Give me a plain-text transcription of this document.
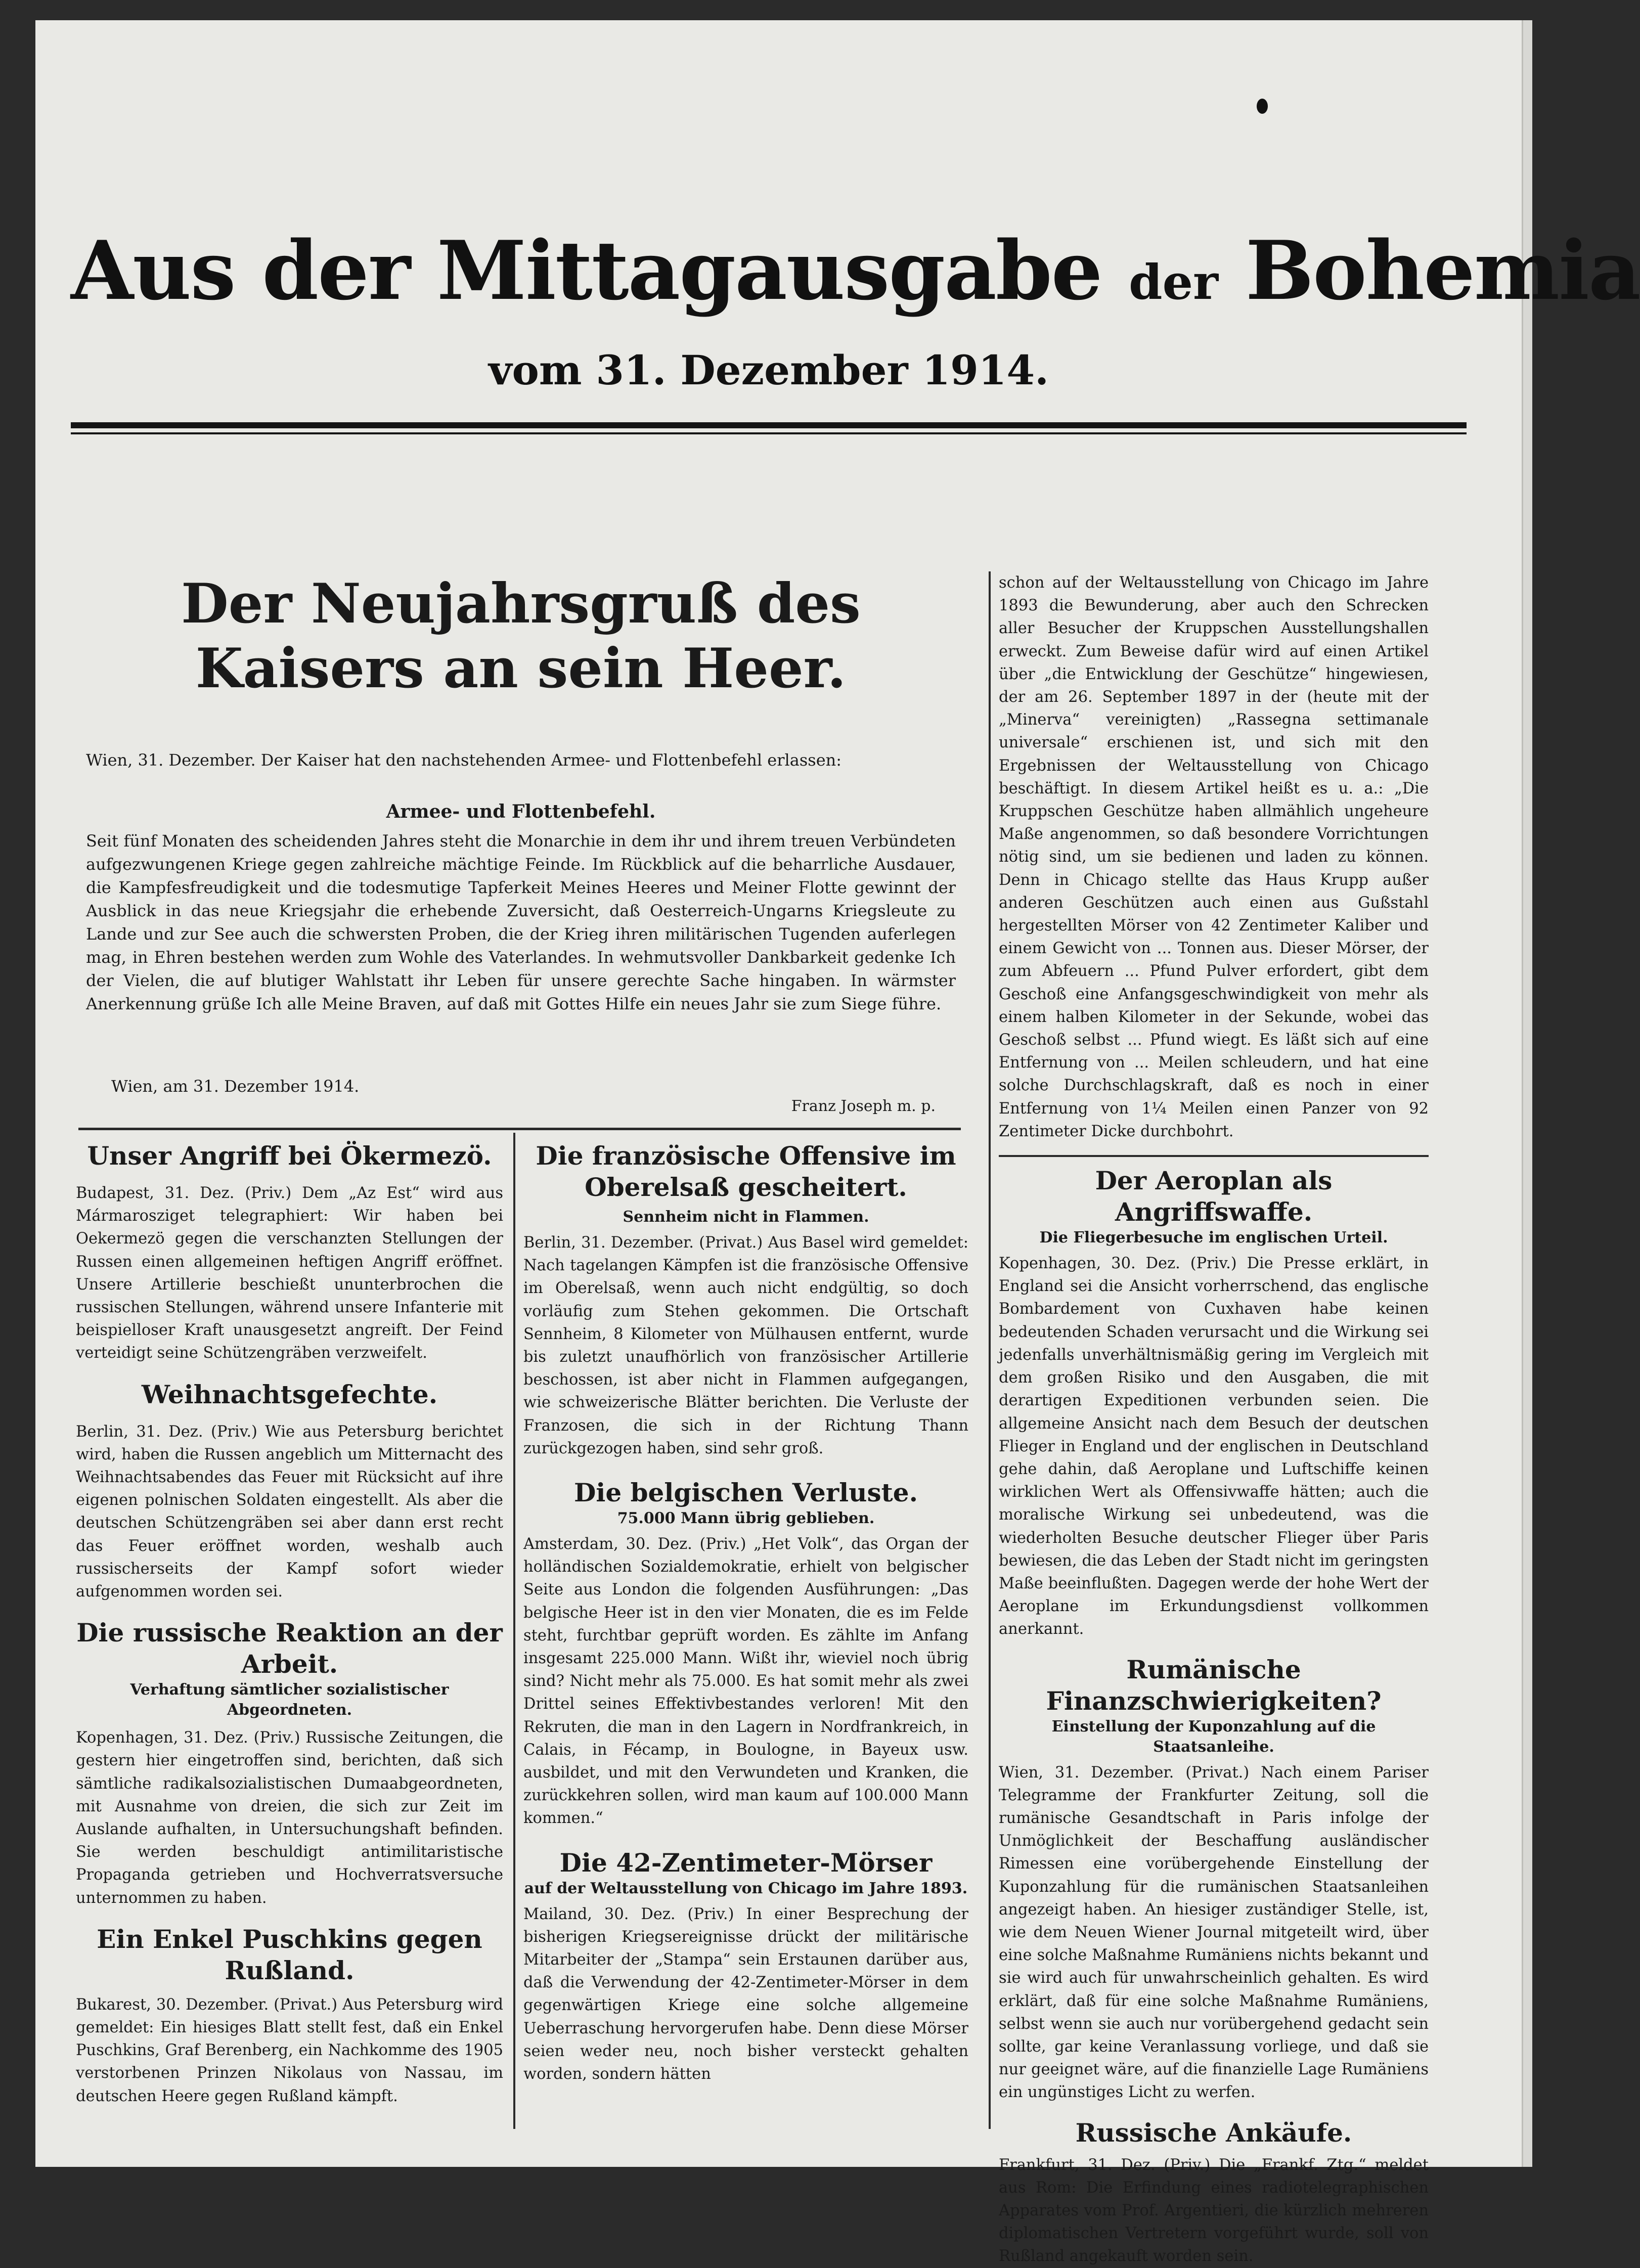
Aus der Mittagausgabe der Bohemia
vom 31. Dezember 1914.
Der Neujahrsgruß des Kaisers an sein Heer.
Wien, 31. Dezember. Der Kaiser hat den nachstehenden Armee- und Flottenbefehl erlassen:
Armee- und Flottenbefehl.
Seit fünf Monaten des scheidenden Jahres steht die Monarchie in dem ihr und ihrem treuen Verbündeten aufgezwungenen Kriege gegen zahlreiche mächtige Feinde. Im Rückblick auf die beharrliche Ausdauer, die Kampfesfreudigkeit und die todesmutige Tapferkeit Meines Heeres und Meiner Flotte gewinnt der Ausblick in das neue Kriegsjahr die erhebende Zuversicht, daß Oesterreich-Ungarns Kriegsleute zu Lande und zur See auch die schwersten Proben, die der Krieg ihren militärischen Tugenden auferlegen mag, in Ehren bestehen werden zum Wohle des Vaterlandes. In wehmutsvoller Dankbarkeit gedenke Ich der Vielen, die auf blutiger Wahlstatt ihr Leben für unsere gerechte Sache hingaben. In wärmster Anerkennung grüße Ich alle Meine Braven, auf daß mit Gottes Hilfe ein neues Jahr sie zum Siege führe.
Wien, am 31. Dezember 1914.
Franz Joseph m. p.
Unser Angriff bei Ökermezö.
Budapest, 31. Dez. (Priv.) Dem „Az Est“ wird aus Mármarosziget telegraphiert: Wir haben bei Oekermezö gegen die verschanzten Stellungen der Russen einen allgemeinen heftigen Angriff eröffnet. Unsere Artillerie beschießt ununterbrochen die russischen Stellungen, während unsere Infanterie mit beispielloser Kraft unausgesetzt angreift. Der Feind verteidigt seine Schützengräben verzweifelt.
Weihnachtsgefechte.
Berlin, 31. Dez. (Priv.) Wie aus Petersburg berichtet wird, haben die Russen angeblich um Mitternacht des Weihnachtsabendes das Feuer mit Rücksicht auf ihre eigenen polnischen Soldaten eingestellt. Als aber die deutschen Schützengräben sei aber dann erst recht das Feuer eröffnet worden, weshalb auch russischerseits der Kampf sofort wieder aufgenommen worden sei.
Die russische Reaktion an der Arbeit.
Verhaftung sämtlicher sozialistischer Abgeordneten.
Kopenhagen, 31. Dez. (Priv.) Russische Zeitungen, die gestern hier eingetroffen sind, berichten, daß sich sämtliche radikalsozialistischen Dumaabgeordneten, mit Ausnahme von dreien, die sich zur Zeit im Auslande aufhalten, in Untersuchungshaft befinden. Sie werden beschuldigt antimilitaristische Propaganda getrieben und Hochverratsversuche unternommen zu haben.
Ein Enkel Puschkins gegen Rußland.
Bukarest, 30. Dezember. (Privat.) Aus Petersburg wird gemeldet: Ein hiesiges Blatt stellt fest, daß ein Enkel Puschkins, Graf Berenberg, ein Nachkomme des 1905 verstorbenen Prinzen Nikolaus von Nassau, im deutschen Heere gegen Rußland kämpft.
Die französische Offensive im Oberelsaß gescheitert.
Sennheim nicht in Flammen.
Berlin, 31. Dezember. (Privat.) Aus Basel wird gemeldet: Nach tagelangen Kämpfen ist die französische Offensive im Oberelsaß, wenn auch nicht endgültig, so doch vorläufig zum Stehen gekommen. Die Ortschaft Sennheim, 8 Kilometer von Mülhausen entfernt, wurde bis zuletzt unaufhörlich von französischer Artillerie beschossen, ist aber nicht in Flammen aufgegangen, wie schweizerische Blätter berichten. Die Verluste der Franzosen, die sich in der Richtung Thann zurückgezogen haben, sind sehr groß.
Die belgischen Verluste.
75.000 Mann übrig geblieben.
Amsterdam, 30. Dez. (Priv.) „Het Volk“, das Organ der holländischen Sozialdemokratie, erhielt von belgischer Seite aus London die folgenden Ausführungen: „Das belgische Heer ist in den vier Monaten, die es im Felde steht, furchtbar geprüft worden. Es zählte im Anfang insgesamt 225.000 Mann. Wißt ihr, wieviel noch übrig sind? Nicht mehr als 75.000. Es hat somit mehr als zwei Drittel seines Effektivbestandes verloren! Mit den Rekruten, die man in den Lagern in Nordfrankreich, in Calais, in Fécamp, in Boulogne, in Bayeux usw. ausbildet, und mit den Verwundeten und Kranken, die zurückkehren sollen, wird man kaum auf 100.000 Mann kommen.“
Die 42-Zentimeter-Mörser
auf der Weltausstellung von Chicago im Jahre 1893.
Mailand, 30. Dez. (Priv.) In einer Besprechung der bisherigen Kriegsereignisse drückt der militärische Mitarbeiter der „Stampa“ sein Erstaunen darüber aus, daß die Verwendung der 42-Zentimeter-Mörser in dem gegenwärtigen Kriege eine solche allgemeine Ueberraschung hervorgerufen habe. Denn diese Mörser seien weder neu, noch bisher versteckt gehalten worden, sondern hätten
schon auf der Weltausstellung von Chicago im Jahre 1893 die Bewunderung, aber auch den Schrecken aller Besucher der Kruppschen Ausstellungshallen erweckt. Zum Beweise dafür wird auf einen Artikel über „die Entwicklung der Geschütze“ hingewiesen, der am 26. September 1897 in der (heute mit der „Minerva“ vereinigten) „Rassegna settimanale universale“ erschienen ist, und sich mit den Ergebnissen der Weltausstellung von Chicago beschäftigt. In diesem Artikel heißt es u. a.: „Die Kruppschen Geschütze haben allmählich ungeheure Maße angenommen, so daß besondere Vorrichtungen nötig sind, um sie bedienen und laden zu können. Denn in Chicago stellte das Haus Krupp außer anderen Geschützen auch einen aus Gußstahl hergestellten Mörser von 42 Zentimeter Kaliber und einem Gewicht von ... Tonnen aus. Dieser Mörser, der zum Abfeuern ... Pfund Pulver erfordert, gibt dem Geschoß eine Anfangsgeschwindigkeit von mehr als einem halben Kilometer in der Sekunde, wobei das Geschoß selbst ... Pfund wiegt. Es läßt sich auf eine Entfernung von ... Meilen schleudern, und hat eine solche Durchschlagskraft, daß es noch in einer Entfernung von 1¼ Meilen einen Panzer von 92 Zentimeter Dicke durchbohrt.
Der Aeroplan als Angriffswaffe.
Die Fliegerbesuche im englischen Urteil.
Kopenhagen, 30. Dez. (Priv.) Die Presse erklärt, in England sei die Ansicht vorherrschend, das englische Bombardement von Cuxhaven habe keinen bedeutenden Schaden verursacht und die Wirkung sei jedenfalls unverhältnismäßig gering im Vergleich mit dem großen Risiko und den Ausgaben, die mit derartigen Expeditionen verbunden seien. Die allgemeine Ansicht nach dem Besuch der deutschen Flieger in England und der englischen in Deutschland gehe dahin, daß Aeroplane und Luftschiffe keinen wirklichen Wert als Offensivwaffe hätten; auch die moralische Wirkung sei unbedeutend, was die wiederholten Besuche deutscher Flieger über Paris bewiesen, die das Leben der Stadt nicht im geringsten Maße beeinflußten. Dagegen werde der hohe Wert der Aeroplane im Erkundungsdienst vollkommen anerkannt.
Rumänische Finanzschwierigkeiten?
Einstellung der Kuponzahlung auf die Staatsanleihe.
Wien, 31. Dezember. (Privat.) Nach einem Pariser Telegramme der Frankfurter Zeitung, soll die rumänische Gesandtschaft in Paris infolge der Unmöglichkeit der Beschaffung ausländischer Rimessen eine vorübergehende Einstellung der Kuponzahlung für die rumänischen Staatsanleihen angezeigt haben. An hiesiger zuständiger Stelle, ist, wie dem Neuen Wiener Journal mitgeteilt wird, über eine solche Maßnahme Rumäniens nichts bekannt und sie wird auch für unwahrscheinlich gehalten. Es wird erklärt, daß für eine solche Maßnahme Rumäniens, selbst wenn sie auch nur vorübergehend gedacht sein sollte, gar keine Veranlassung vorliege, und daß sie nur geeignet wäre, auf die finanzielle Lage Rumäniens ein ungünstiges Licht zu werfen.
Russische Ankäufe.
Frankfurt, 31. Dez. (Priv.) Die „Frankf. Ztg.“ meldet aus Rom: Die Erfindung eines radiotelegraphischen Apparates vom Prof. Argentieri, die kürzlich mehreren diplomatischen Vertretern vorgeführt wurde, soll von Rußland angekauft worden sein.
